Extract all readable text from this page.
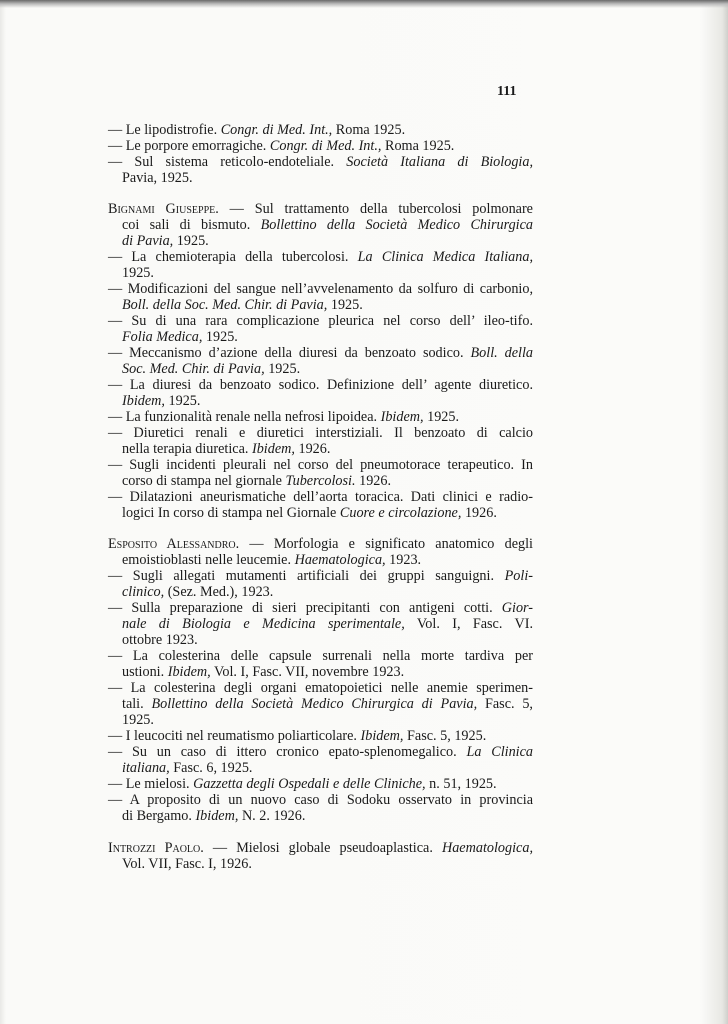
111
— Le lipodistrofie. Congr. di Med. Int., Roma 1925.
— Le porpore emorragiche. Congr. di Med. Int., Roma 1925.
— Sul sistema reticolo-endoteliale. Società Italiana di Biologia,
Pavia, 1925.
Bignami Giuseppe. — Sul trattamento della tubercolosi polmonare
coi sali di bismuto. Bollettino della Società Medico Chirurgica
di Pavia, 1925.
— La chemioterapia della tubercolosi. La Clinica Medica Italiana,
1925.
— Modificazioni del sangue nell’avvelenamento da solfuro di carbonio,
Boll. della Soc. Med. Chir. di Pavia, 1925.
— Su di una rara complicazione pleurica nel corso dell’ ileo-tifo.
Folia Medica, 1925.
— Meccanismo d’azione della diuresi da benzoato sodico. Boll. della
Soc. Med. Chir. di Pavia, 1925.
— La diuresi da benzoato sodico. Definizione dell’ agente diuretico.
Ibidem, 1925.
— La funzionalità renale nella nefrosi lipoidea. Ibidem, 1925.
— Diuretici renali e diuretici interstiziali. Il benzoato di calcio
nella terapia diuretica. Ibidem, 1926.
— Sugli incidenti pleurali nel corso del pneumotorace terapeutico. In
corso di stampa nel giornale Tubercolosi. 1926.
— Dilatazioni aneurismatiche dell’aorta toracica. Dati clinici e radio-
logici In corso di stampa nel Giornale Cuore e circolazione, 1926.
Esposito Alessandro. — Morfologia e significato anatomico degli
emoistioblasti nelle leucemie. Haematologica, 1923.
— Sugli allegati mutamenti artificiali dei gruppi sanguigni. Poli-
clinico, (Sez. Med.), 1923.
— Sulla preparazione di sieri precipitanti con antigeni cotti. Gior-
nale di Biologia e Medicina sperimentale, Vol. I, Fasc. VI.
ottobre 1923.
— La colesterina delle capsule surrenali nella morte tardiva per
ustioni. Ibidem, Vol. I, Fasc. VII, novembre 1923.
— La colesterina degli organi ematopoietici nelle anemie sperimen-
tali. Bollettino della Società Medico Chirurgica di Pavia, Fasc. 5,
1925.
— I leucociti nel reumatismo poliarticolare. Ibidem, Fasc. 5, 1925.
— Su un caso di ittero cronico epato-splenomegalico. La Clinica
italiana, Fasc. 6, 1925.
— Le mielosi. Gazzetta degli Ospedali e delle Cliniche, n. 51, 1925.
— A proposito di un nuovo caso di Sodoku osservato in provincia
di Bergamo. Ibidem, N. 2. 1926.
Introzzi Paolo. — Mielosi globale pseudoaplastica. Haematologica,
Vol. VII, Fasc. I, 1926.
